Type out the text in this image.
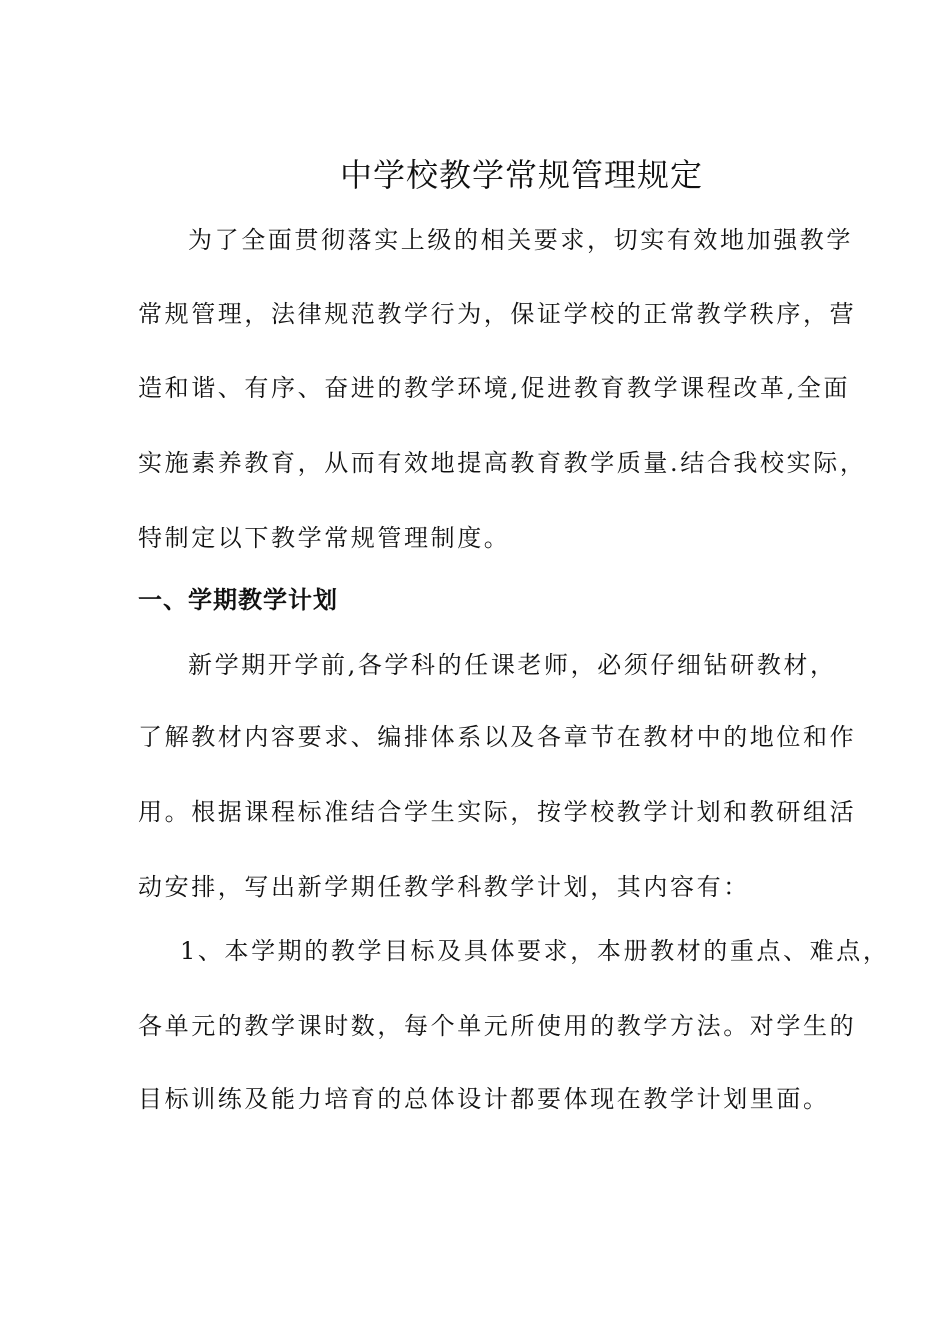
中学校教学常规管理规定
为了全面贯彻落实上级的相关要求，切实有效地加强教学
常规管理，法律规范教学行为，保证学校的正常教学秩序，营
造和谐、有序、奋进的教学环境,促进教育教学课程改革,全面
实施素养教育，从而有效地提高教育教学质量.结合我校实际，
特制定以下教学常规管理制度。
一、学期教学计划
新学期开学前,各学科的任课老师，必须仔细钻研教材，
了解教材内容要求、编排体系以及各章节在教材中的地位和作
用。根据课程标准结合学生实际，按学校教学计划和教研组活
动安排，写出新学期任教学科教学计划，其内容有：
1、本学期的教学目标及具体要求，本册教材的重点、难点，
各单元的教学课时数，每个单元所使用的教学方法。对学生的
目标训练及能力培育的总体设计都要体现在教学计划里面。
